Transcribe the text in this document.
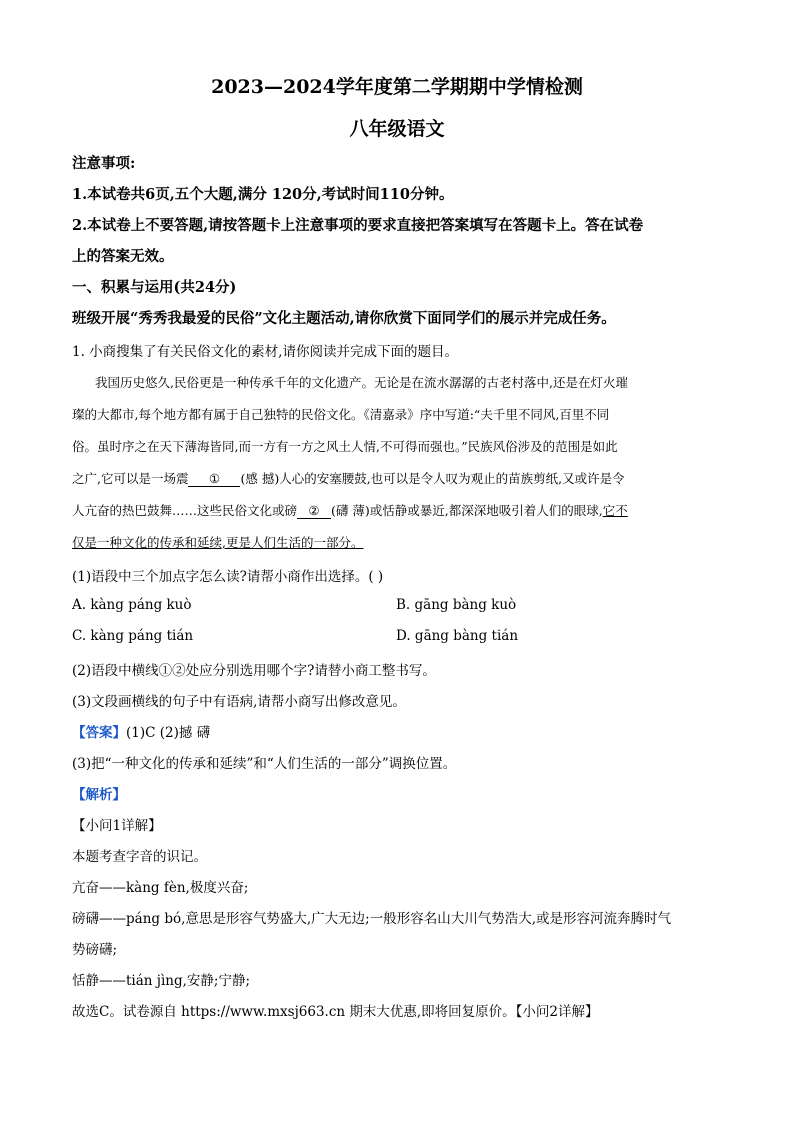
2023—2024学年度第二学期期中学情检测
八年级语文
注意事项:
1.本试卷共6页,五个大题,满分 120分,考试时间110分钟。
2.本试卷上不要答题,请按答题卡上注意事项的要求直接把答案填写在答题卡上。答在试卷
上的答案无效。
一、积累与运用(共24分)
班级开展“秀秀我最爱的民俗”文化主题活动,请你欣赏下面同学们的展示并完成任务。
1. 小商搜集了有关民俗文化的素材,请你阅读并完成下面的题目。
我国历史悠久,民俗更是一种传承千年的文化遗产。无论是在流水潺潺的古老村落中,还是在灯火璀
璨的大都市,每个地方都有属于自己独特的民俗文化。《清嘉录》序中写道:“夫千里不同风,百里不同
俗。虽时序之在天下薄海皆同,而一方有一方之风土人情,不可得而强也。”民族风俗涉及的范围是如此
之广,它可以是一场震 ① (感 撼)人心的安塞腰鼓,也可以是令人叹为观止的苗族剪纸,又或许是令
人亢奋的热巴鼓舞……这些民俗文化或磅 ② (礴 薄)或恬静或暴近,都深深地吸引着人们的眼球,它不
仅是一种文化的传承和延续,更是人们生活的一部分。
(1)语段中三个加点字怎么读?请帮小商作出选择。( )
A. kàng páng kuò	B. gāng bàng kuò
C. kàng páng tián	D. gāng bàng tián
(2)语段中横线①②处应分别选用哪个字?请替小商工整书写。
(3)文段画横线的句子中有语病,请帮小商写出修改意见。
【答案】(1)C (2)撼 礴
(3)把“一种文化的传承和延续”和“人们生活的一部分”调换位置。
【解析】
【小问1详解】
本题考查字音的识记。
亢奋——kàng fèn,极度兴奋;
磅礴——páng bó,意思是形容气势盛大,广大无边;一般形容名山大川气势浩大,或是形容河流奔腾时气
势磅礴;
恬静——tián jìng,安静;宁静;
故选C。试卷源自 https://www.mxsj663.cn 期末大优惠,即将回复原价。【小问2详解】
